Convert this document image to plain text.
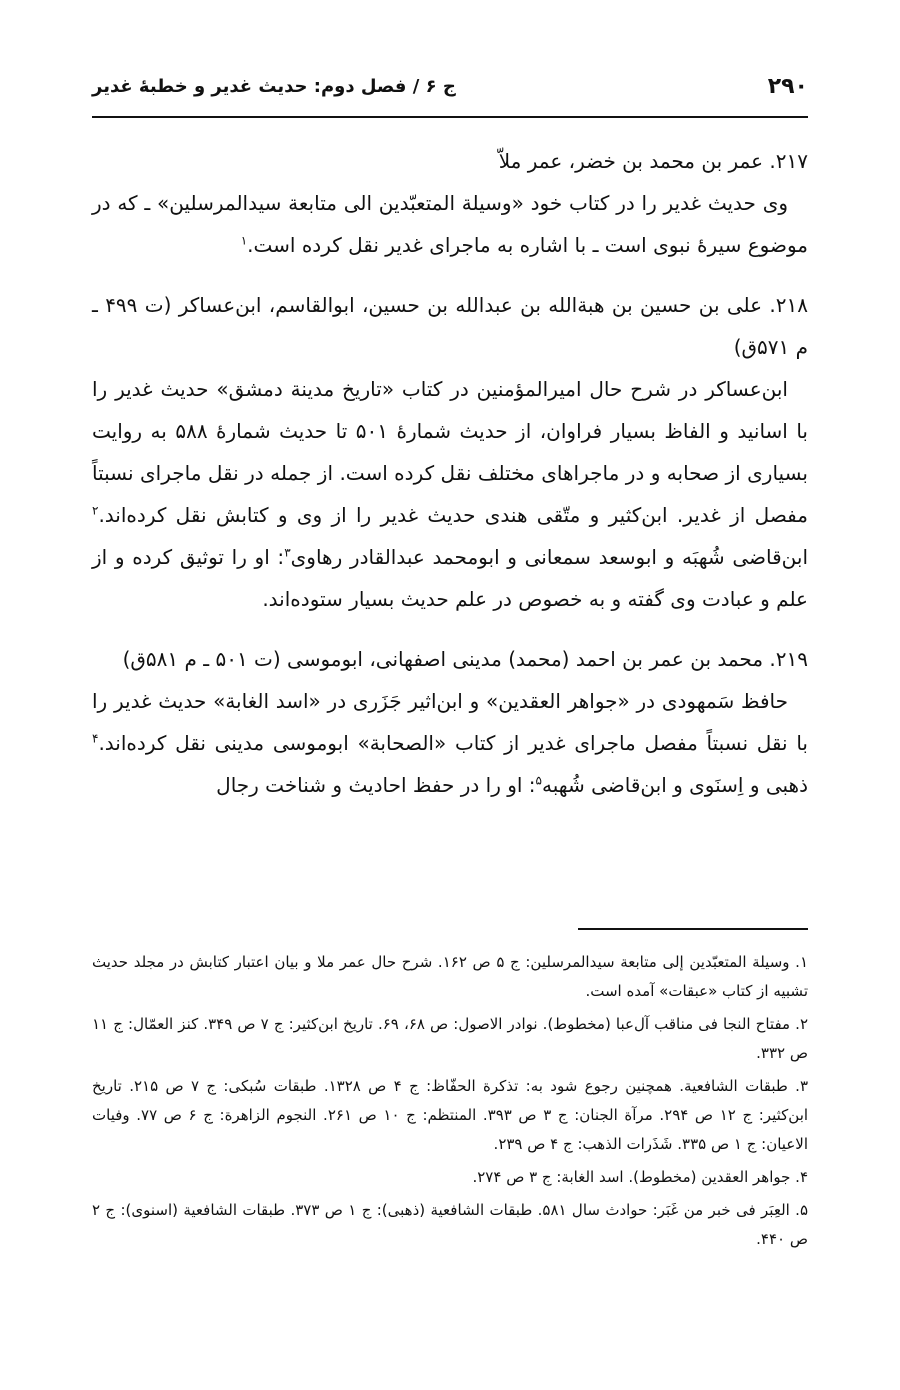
۲۹۰
ج ۶ / فصل دوم: حدیث غدیر و خطبهٔ غدیر

۲۱۷. عمر بن محمد بن خضر، عمر ملاّ

وی حدیث غدیر را در کتاب خود «وسیلة المتعبّدین الی متابعة سیدالمرسلین» ـ که در موضوع سیرهٔ نبوی است ـ با اشاره به ماجرای غدیر نقل کرده است.$^۱$

۲۱۸. علی بن حسین بن هبةالله بن عبدالله بن حسین، ابوالقاسم، ابن‌عساکر (ت ۴۹۹ ـ م ۵۷۱ق)

ابن‌عساکر در شرح حال امیرالمؤمنین در کتاب «تاریخ مدینة دمشق» حدیث غدیر را با اسانید و الفاظ بسیار فراوان، از حدیث شمارهٔ ۵۰۱ تا حدیث شمارهٔ ۵۸۸ به روایت بسیاری از صحابه و در ماجراهای مختلف نقل کرده است. از جمله در نقل ماجرای نسبتاً مفصل از غدیر. ابن‌کثیر و متّقی هندی حدیث غدیر را از وی و کتابش نقل کرده‌اند.$^۲$ ابن‌قاضی شُهبَه و ابوسعد سمعانی و ابومحمد عبدالقادر رهاوی$^۳$: او را توثیق کرده و از علم و عبادت وی گفته و به خصوص در علم حدیث بسیار ستوده‌اند.

۲۱۹. محمد بن عمر بن احمد (محمد) مدینی اصفهانی، ابوموسی (ت ۵۰۱ ـ م ۵۸۱ق)

حافظ سَمهودی در «جواهر العقدین» و ابن‌اثیر جَزَری در «اسد الغابة» حدیث غدیر را با نقل نسبتاً مفصل ماجرای غدیر از کتاب «الصحابة» ابوموسی مدینی نقل کرده‌اند.$^۴$ ذهبی و اِسنَوی و ابن‌قاضی شُهبه$^۵$: او را در حفظ احادیث و شناخت رجال

۱. وسیلة المتعبّدین إلی متابعة سیدالمرسلین: ج ۵ ص ۱۶۲. شرح حال عمر ملا و بیان اعتبار کتابش در مجلد حدیث تشبیه از کتاب «عبقات» آمده است.

۲. مفتاح النجا فی مناقب آل‌عبا (مخطوط). نوادر الاصول: ص ۶۸، ۶۹. تاریخ ابن‌کثیر: ج ۷ ص ۳۴۹. کنز العمّال: ج ۱۱ ص ۳۳۲.

۳. طبقات الشافعیة. همچنین رجوع شود به: تذکرة الحفّاظ: ج ۴ ص ۱۳۲۸. طبقات سُبکی: ج ۷ ص ۲۱۵. تاریخ ابن‌کثیر: ج ۱۲ ص ۲۹۴. مرآة الجنان: ج ۳ ص ۳۹۳. المنتظم: ج ۱۰ ص ۲۶۱. النجوم الزاهرة: ج ۶ ص ۷۷. وفیات الاعیان: ج ۱ ص ۳۳۵. شَذَرات الذهب: ج ۴ ص ۲۳۹.

۴. جواهر العقدین (مخطوط). اسد الغابة: ج ۳ ص ۲۷۴.

۵. العِبَر فی خبر من غَبَر: حوادث سال ۵۸۱. طبقات الشافعیة (ذهبی): ج ۱ ص ۳۷۳. طبقات الشافعیة (اسنوی): ج ۲ ص ۴۴۰.
